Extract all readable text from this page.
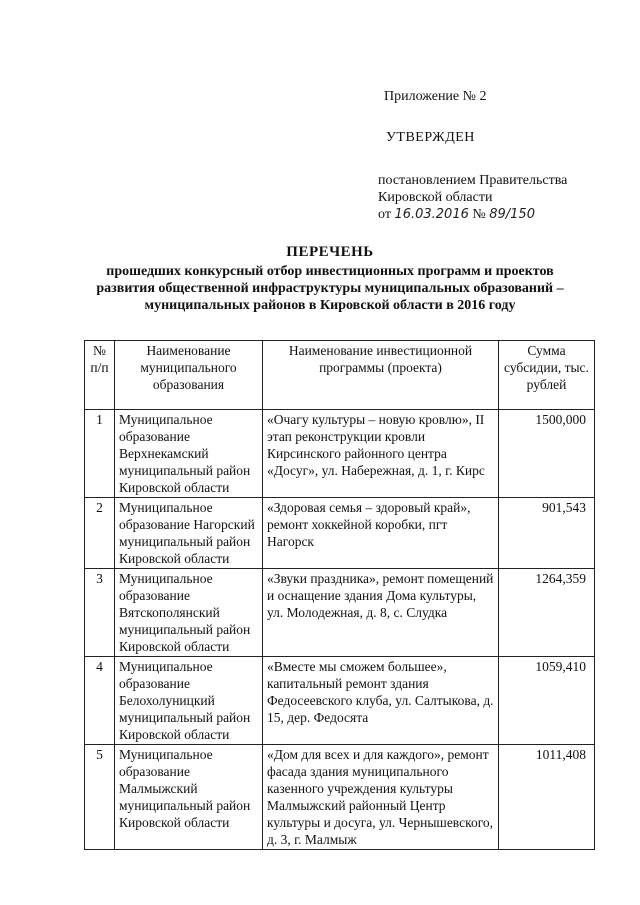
Приложение № 2
УТВЕРЖДЕН
постановлением Правительства
Кировской области
от 16.03.2016 № 89/150
ПЕРЕЧЕНЬ
прошедших конкурсный отбор инвестиционных программ и проектов
развития общественной инфраструктуры муниципальных образований –
муниципальных районов в Кировской области в 2016 году
№ п/п	Наименование муниципального образования	Наименование инвестиционной программы (проекта)	Сумма субсидии, тыс. рублей
1	Муниципальное образование Верхнекамский муниципальный район Кировской области	«Очагу культуры – новую кровлю», II этап реконструкции кровли Кирсинского районного центра «Досуг», ул. Набережная, д. 1, г. Кирс	1500,000
2	Муниципальное образование Нагорский муниципальный район Кировской области	«Здоровая семья – здоровый край», ремонт хоккейной коробки, пгт Нагорск	901,543
3	Муниципальное образование Вятскополянский муниципальный район Кировской области	«Звуки праздника», ремонт помещений и оснащение здания Дома культуры, ул. Молодежная, д. 8, с. Слудка	1264,359
4	Муниципальное образование Белохолуницкий муниципальный район Кировской области	«Вместе мы сможем большее», капитальный ремонт здания Федосеевского клуба, ул. Салтыкова, д. 15, дер. Федосята	1059,410
5	Муниципальное образование Малмыжский муниципальный район Кировской области	«Дом для всех и для каждого», ремонт фасада здания муниципального казенного учреждения культуры Малмыжский районный Центр культуры и досуга, ул. Чернышевского, д. 3, г. Малмыж	1011,408
